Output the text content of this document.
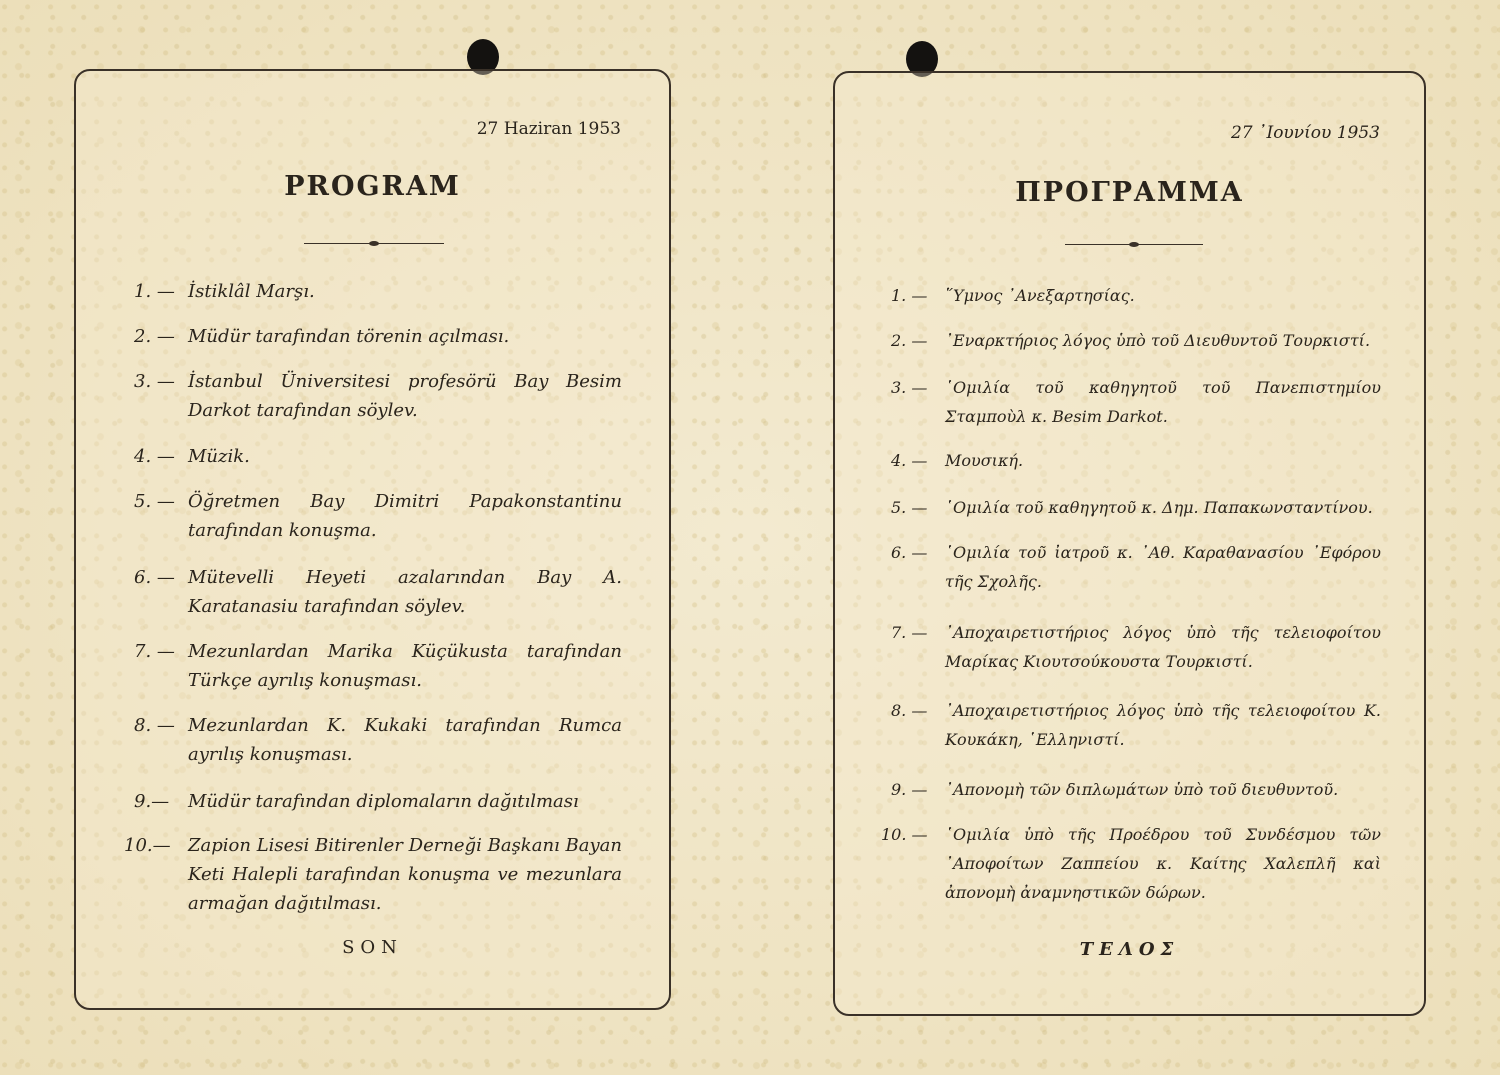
27 Haziran 1953
PROGRAM
1. — İstiklâl Marşı.
2. — Müdür tarafından törenin açılması.
3. — İstanbul Üniversitesi profesörü Bay Besim Darkot tarafından söylev.
4. — Müzik.
5. — Öğretmen Bay Dimitri Papakonstantinu tarafından konuşma.
6. — Mütevelli Heyeti azalarından Bay A. Karatanasiu tarafından söylev.
7. — Mezunlardan Marika Küçükusta tarafından Türkçe ayrılış konuşması.
8. — Mezunlardan K. Kukaki tarafından Rumca ayrılış konuşması.
9.—	Müdür tarafından diplomaların dağıtılması
10.— Zapion Lisesi Bitirenler Derneği Başkanı Bayan Keti Halepli tarafından konuşma ve mezunlara armağan dağıtılması.
SON
27 ᾿Ιουνίου 1953
ΠΡΟΓΡΑΜΜΑ
1. —	῞Υμνος ᾿Ανεξαρτησίας.
2. —	᾿Εναρκτήριος λόγος ὑπὸ τοῦ Διευθυντοῦ Τουρκιστί.
3. —	῾Ομιλία τοῦ καθηγητοῦ τοῦ Πανεπιστημίου Σταμποὺλ κ. Besim Darkot.
4. —	Μουσική.
5. —	῾Ομιλία τοῦ καθηγητοῦ κ. Δημ. Παπακωνσταντίνου.
6. —	῾Ομιλία τοῦ ἰατροῦ κ. ᾿Αθ. Καραθανασίου ᾿Εφόρου τῆς Σχολῆς.
7. —	᾿Αποχαιρετιστήριος λόγος ὑπὸ τῆς τελειοφοίτου Μαρίκας Κιουτσούκουστα Τουρκιστί.
8. —	᾿Αποχαιρετιστήριος λόγος ὑπὸ τῆς τελειοφοίτου Κ. Κουκάκη, ῾Ελληνιστί.
9. —	᾿Απονομὴ τῶν διπλωμάτων ὑπὸ τοῦ διευθυντοῦ.
10. —	῾Ομιλία ὑπὸ τῆς Προέδρου τοῦ Συνδέσμου τῶν ᾿Αποφοίτων Ζαππείου κ. Καίτης Χαλεπλῆ καὶ ἀπονομὴ ἀναμνηστικῶν δώρων.
ΤΕΛΟΣ
